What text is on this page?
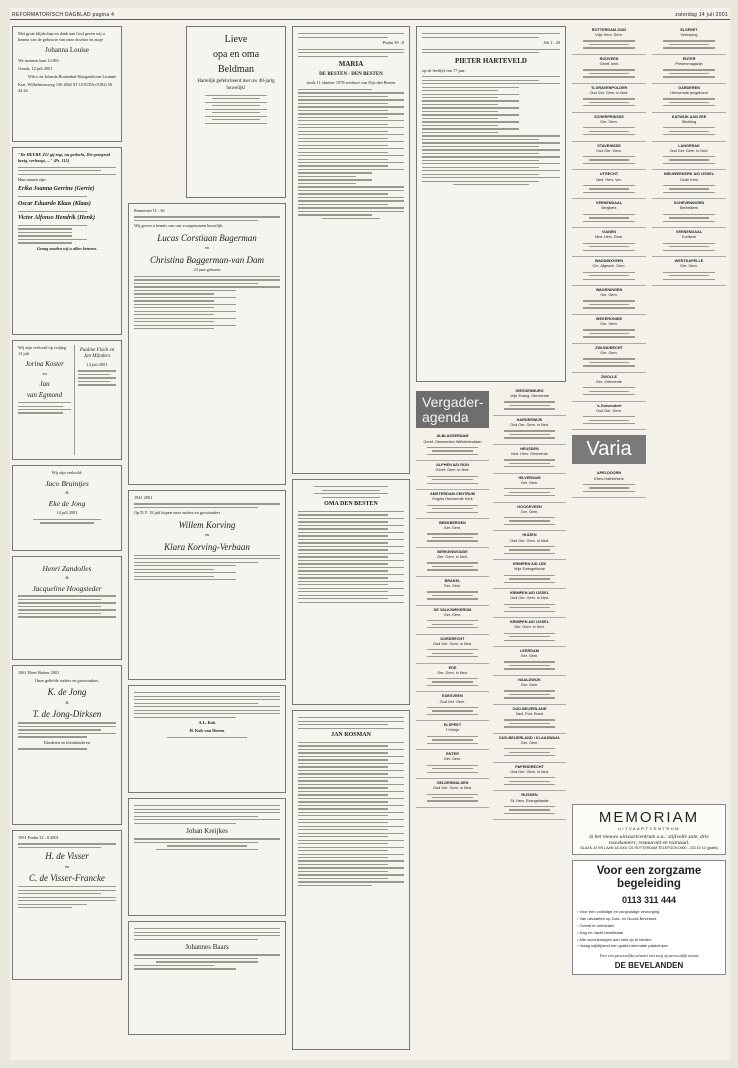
REFORMATORISCH DAGBLAD pagina 4	zaterdag 14 juli 2001

Met grote blijdschap en dank aan God geven wij u kennis van de geboorte van onze dochter en zusje

Johanna Louise

We noemen haar LOES.

Gouda, 12 juli 2001

Wilco en Jolanda Bontenbal-Hoogendoorn Lisanne

Kon. Wilhelminaweg 156 2802 ST GOUDA (0182) 56 44 44

"De HEERE ZIJ gij zegt, nu gedacht, Die gezegend bezig, verhoogt, ..." (Ps. 115)

Hun namen zijn:

Erika Joanna Gerrine (Gerrie)

Oscar Eduardo Klaas (Klaas)

Victor Alfonso Hendrik (Henk)

Graag zouden wij u allen kennen.

Wij zijn verloofd op vrijdag 13 juli

Jorina Koster

en

Jan

van Egmond

Pauline Flach en Jan Mijnders

14 juli 2001

Wij zijn verloofd:

Jaco Bruintjes

&

Eke de Jong

14 juli 2001

Henri Zandolles

&

Jacqueline Hoogsteder

1961 Eben Haëzer 2001

Onze geliefde ouders en grootouders,

K. de Jong

&

T. de Jong-Dirksen

Kinderen en kleinkinderen

1951 Psalm 32 : 8 2001

H. de Visser

en

C. de Visser-Francke

Lieve

opa en oma

Beldman

Hartelijk gefeliciteerd met uw 40-jarig huwelijk!

Romeinen 11 : 36

Wij geven u kennis van ons voorgenomen huwelijk:

Lucas Corstiaan Bagerman

en

Christina Baggerman-van Dam

24 juni geboren

1941 2001

Op D.V. 18 juli hopen onze ouders en grootouders

Willem Korving

en

Klara Korving-Verbaan

A.L. Kok

H. Kok-van Dieren

Johan Kreijkes

Johannes Baars

Psalm 39 : 8

MARIA

DE BESTEN - DEN BESTEN

sinds 11 oktober 1978 weduwe van Nijs den Besten

OMA DEN BESTEN

JAN ROSMAN

Job 1 : 20

PIETER HARTEVELD

op de leeftijd van 77 jaar.

Vergader-agenda
ALBLASSERDAM
Geref. Gemeenten Wilhelminalaan
ALPHEN A/D RIJN
Geref. Gem. in Ned.
AMSTERDAM-CENTRUM
Engels Hervormde Kerk
BEEKBERGEN
Ger. Gem.
BERKENWOUDE
Ger. Gem. in Ned.
BRAKEL
Ger. Gem.
DE VALK/WEKEROM
Ger. Gem.
DORDRECHT
Oud Ger. Gem. in Ned.
EDE
Ger. Gem. in Ned.
EDESVEEN
Oud Ger. Gem.
ELSPEET
't Kerkje
ENTER
Ger. Gem.
GELDERMALSEN
Oud Ger. Gem. in Ned.
GIESSENBURG
Vrije Evang. Gemeente
HARDERWIJK
Oud Ger. Gem. in Ned.
HEUSDEN
Ned. Herv. Gemeente
HILVERSUM
Ger. Gem.
HOOGEVEEN
Ger. Gem.
HUIZEN
Oud Ger. Gem. in Ned.
KRIMPEN A/D LEK
Vrije Evangelische
KRIMPEN A/D IJSSEL
Oud Ger. Gem. in Ned.
KRIMPEN A/D IJSSEL
Ger. Gem. in Ned.
LEERDAM
Ger. Gem.
NAALDWIJK
Ger. Gem.
OUD-BEIJERLAND
Ned. Prot. Bond
OUD-BEIJERLAND / KLAASWAAL
Ger. Gem.
PAPENDRECHT
Oud Ger. Gem. in Ned.
RIJSSEN
St. Herv. Evangelisatie
ROTTERDAM-ZUID
Vrije Herv. Gem.
ROUVEEN
Geref. kerk
'S-GRAVENPOLDER
Oud Ger. Gem. in Ned.
SCHERPENISSE
Ger. Gem.
STAVENISSE
Oud Ger. Gem.
UTRECHT
Ned. Herv. Ver.
VEENENDAAL
Bergkerk
VIANEN
Ned. Herv. Gem.
WADDINXVEEN
Chr. Afgesch. Gem.
WAGENINGEN
Ger. Gem.
WEKERONIDE
Ger. Gem.
ZWIJNDRECHT
Ger. Gem.
ZWOLLE
Ger. Gemeente
's-Gravendeel
Oud Ger. Gem.
Varia
APELDOORN
Eben-Haëzerkerk
ELSPEET
Verkoping
ENTER
Prekenmagazijn
GARDEREN
Hervormde jeugdbond
KATWIJK AAN ZEE
Stichting
LANGERAK
Oud Ger. Gem. in Ned.
NIEUWERKERK A/D IJSSEL
Oude Kerk
SCHEVENINGEN
Bethelkerk
VEENENDAAL
Korlkerk
WESTKAPELLE
Ger. Gem.
MEMORIAM
UITVAARTCENTRUM
in het nieuwe uitvaartcentrum o.a.: stijlvolle zale, drie rouwkamers, restaurant en toonzaal.
GLAAK 24 EN LAAN 18 3001 CS ROTTERDAM TELEFOON 0900 - 233 10 10 (gratis)
Voor een zorgzame begeleiding
0113 311 444
› Voor een volledige en zorgvuldige verzorging
› Van uitvaarten op Zuid- en Noord-Beveland
› Overal te ontbieden
› Dag en nacht bereikbaar
› Alle voorzieningen aan huis op te bieden
› Vraag vrijblijvend een gratis informatie pakket aan
Voor een persoonlijke uitvaart met zorg op persoonlijk niveau
DE BEVELANDEN
